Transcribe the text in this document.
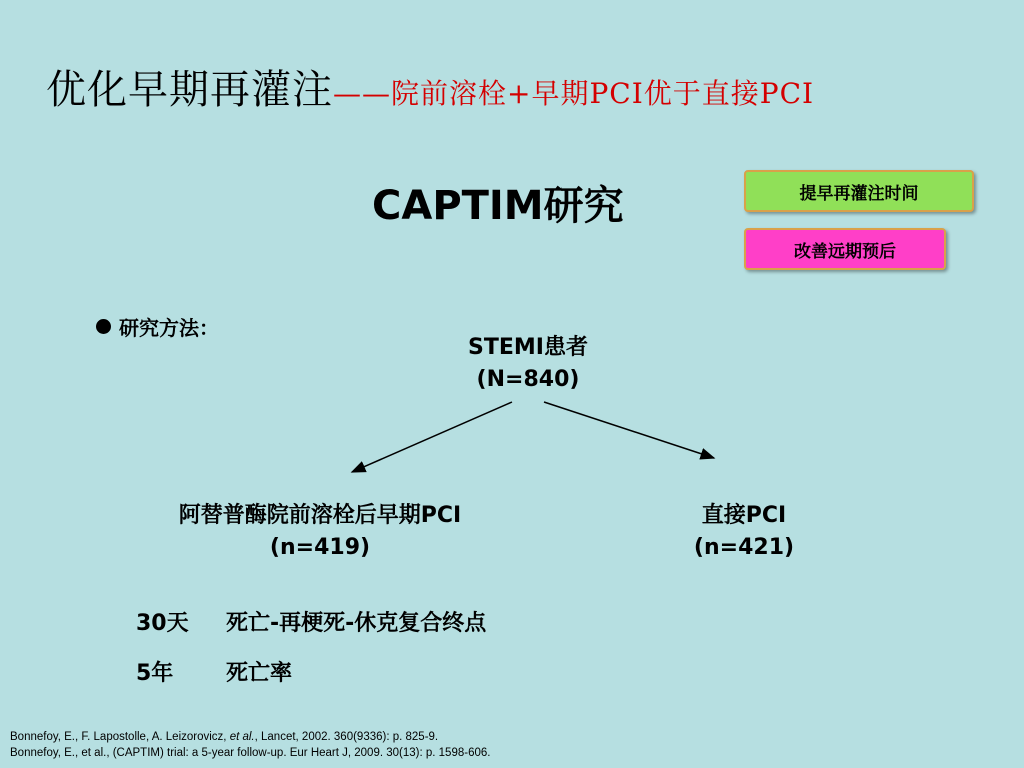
优化早期再灌注——院前溶栓+早期PCI优于直接PCI
CAPTIM研究	提早再灌注时间
改善远期预后
研究方法：
STEMI患者
(N=840)
阿替普酶院前溶栓后早期PCI
(n=419)
直接PCI
(n=421)
30天 死亡-再梗死-休克复合终点
5年 死亡率
Bonnefoy, E., F. Lapostolle, A. Leizorovicz, et al., Lancet, 2002. 360(9336): p. 825-9.
Bonnefoy, E., et al., (CAPTIM) trial: a 5-year follow-up. Eur Heart J, 2009. 30(13): p. 1598-606.
